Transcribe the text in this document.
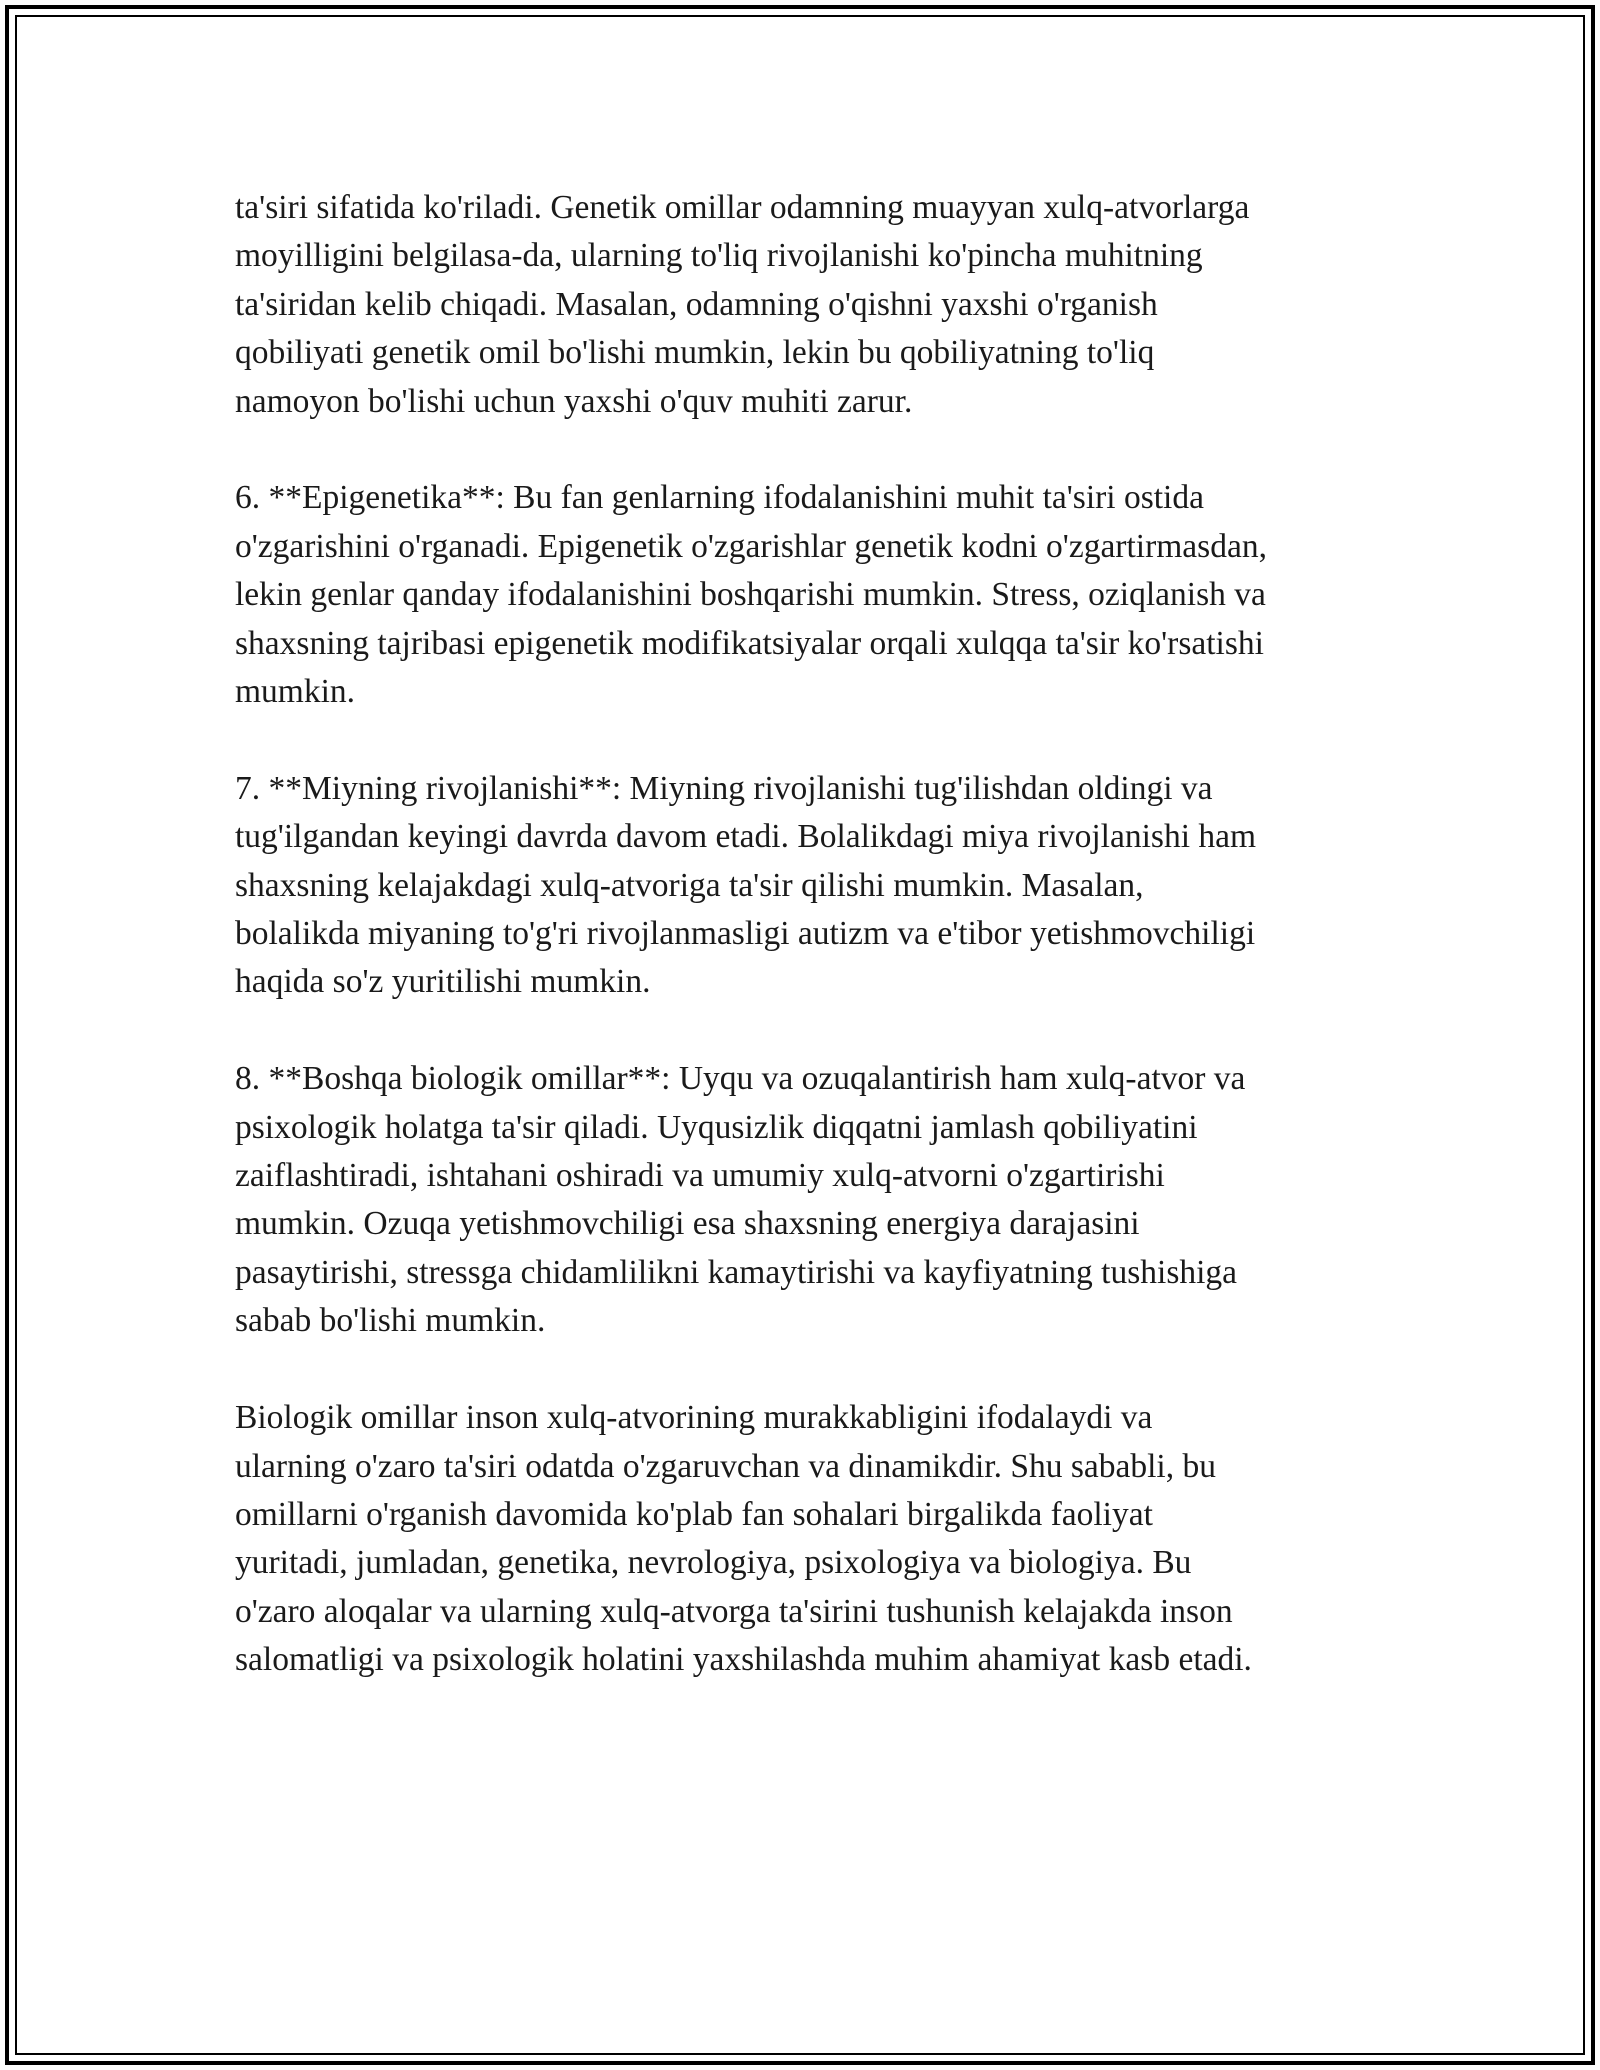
ta'siri sifatida ko'riladi. Genetik omillar odamning muayyan xulq-atvorlarga
moyilligini belgilasa-da, ularning to'liq rivojlanishi ko'pincha muhitning
ta'siridan kelib chiqadi. Masalan, odamning o'qishni yaxshi o'rganish
qobiliyati genetik omil bo'lishi mumkin, lekin bu qobiliyatning to'liq
namoyon bo'lishi uchun yaxshi o'quv muhiti zarur.

6. **Epigenetika**: Bu fan genlarning ifodalanishini muhit ta'siri ostida
o'zgarishini o'rganadi. Epigenetik o'zgarishlar genetik kodni o'zgartirmasdan,
lekin genlar qanday ifodalanishini boshqarishi mumkin. Stress, oziqlanish va
shaxsning tajribasi epigenetik modifikatsiyalar orqali xulqqa ta'sir ko'rsatishi
mumkin.

7. **Miyning rivojlanishi**: Miyning rivojlanishi tug'ilishdan oldingi va
tug'ilgandan keyingi davrda davom etadi. Bolalikdagi miya rivojlanishi ham
shaxsning kelajakdagi xulq-atvoriga ta'sir qilishi mumkin. Masalan,
bolalikda miyaning to'g'ri rivojlanmasligi autizm va e'tibor yetishmovchiligi
haqida so'z yuritilishi mumkin.

8. **Boshqa biologik omillar**: Uyqu va ozuqalantirish ham xulq-atvor va
psixologik holatga ta'sir qiladi. Uyqusizlik diqqatni jamlash qobiliyatini
zaiflashtiradi, ishtahani oshiradi va umumiy xulq-atvorni o'zgartirishi
mumkin. Ozuqa yetishmovchiligi esa shaxsning energiya darajasini
pasaytirishi, stressga chidamlilikni kamaytirishi va kayfiyatning tushishiga
sabab bo'lishi mumkin.

Biologik omillar inson xulq-atvorining murakkabligini ifodalaydi va
ularning o'zaro ta'siri odatda o'zgaruvchan va dinamikdir. Shu sababli, bu
omillarni o'rganish davomida ko'plab fan sohalari birgalikda faoliyat
yuritadi, jumladan, genetika, nevrologiya, psixologiya va biologiya. Bu
o'zaro aloqalar va ularning xulq-atvorga ta'sirini tushunish kelajakda inson
salomatligi va psixologik holatini yaxshilashda muhim ahamiyat kasb etadi.
